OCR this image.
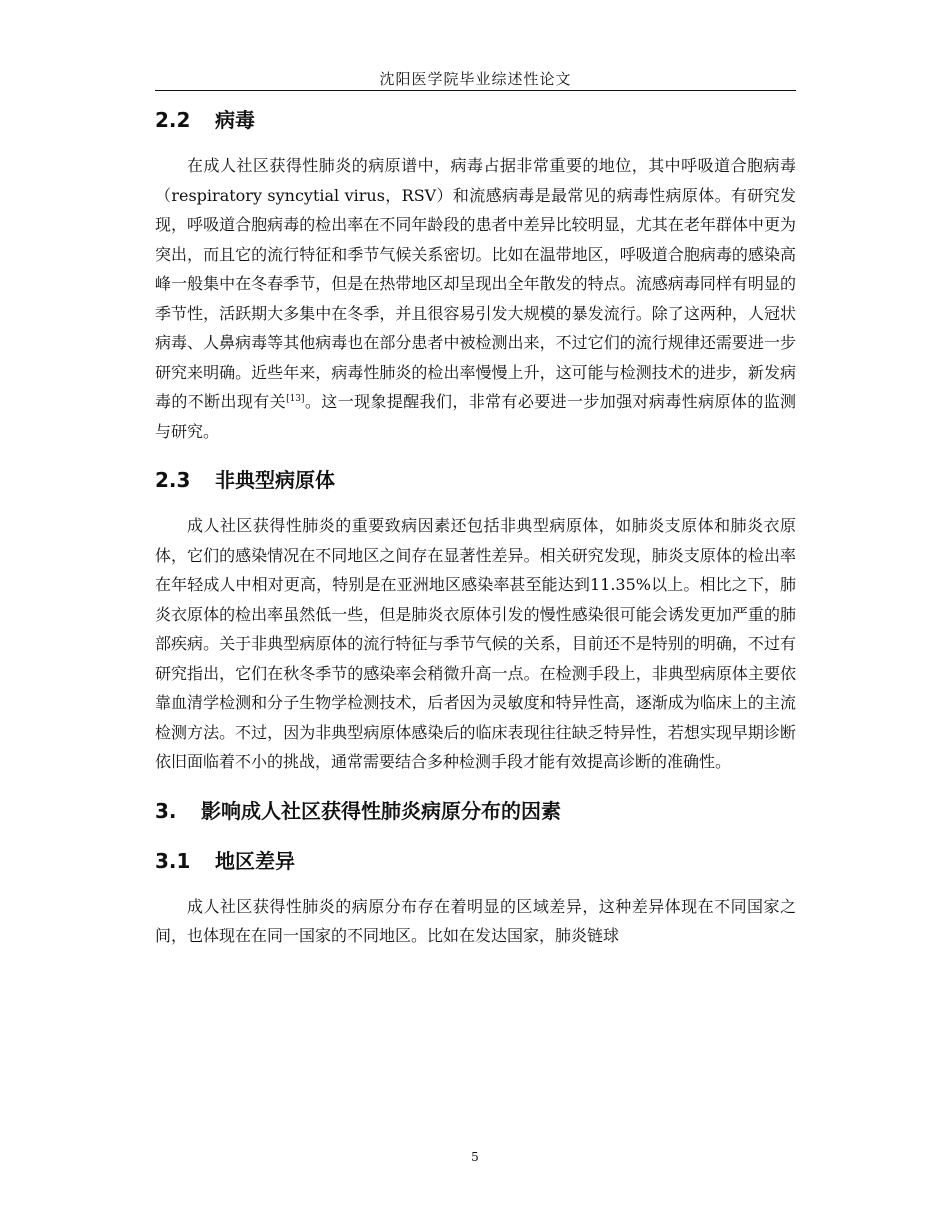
沈阳医学院毕业综述性论文
2.2 病毒

在成人社区获得性肺炎的病原谱中，病毒占据非常重要的地位，其中呼吸道合胞病毒（respiratory syncytial virus，RSV）和流感病毒是最常见的病毒性病原体。有研究发现，呼吸道合胞病毒的检出率在不同年龄段的患者中差异比较明显，尤其在老年群体中更为突出，而且它的流行特征和季节气候关系密切。比如在温带地区，呼吸道合胞病毒的感染高峰一般集中在冬春季节，但是在热带地区却呈现出全年散发的特点。流感病毒同样有明显的季节性，活跃期大多集中在冬季，并且很容易引发大规模的暴发流行。除了这两种，人冠状病毒、人鼻病毒等其他病毒也在部分患者中被检测出来，不过它们的流行规律还需要进一步研究来明确。近些年来，病毒性肺炎的检出率慢慢上升，这可能与检测技术的进步，新发病毒的不断出现有关[13]。这一现象提醒我们，非常有必要进一步加强对病毒性病原体的监测与研究。

2.3 非典型病原体

成人社区获得性肺炎的重要致病因素还包括非典型病原体，如肺炎支原体和肺炎衣原体，它们的感染情况在不同地区之间存在显著性差异。相关研究发现，肺炎支原体的检出率在年轻成人中相对更高，特别是在亚洲地区感染率甚至能达到11.35%以上。相比之下，肺炎衣原体的检出率虽然低一些，但是肺炎衣原体引发的慢性感染很可能会诱发更加严重的肺部疾病。关于非典型病原体的流行特征与季节气候的关系，目前还不是特别的明确，不过有研究指出，它们在秋冬季节的感染率会稍微升高一点。在检测手段上，非典型病原体主要依靠血清学检测和分子生物学检测技术，后者因为灵敏度和特异性高，逐渐成为临床上的主流检测方法。不过，因为非典型病原体感染后的临床表现往往缺乏特异性，若想实现早期诊断依旧面临着不小的挑战，通常需要结合多种检测手段才能有效提高诊断的准确性。

3. 影响成人社区获得性肺炎病原分布的因素
3.1 地区差异

成人社区获得性肺炎的病原分布存在着明显的区域差异，这种差异体现在不同国家之间，也体现在在同一国家的不同地区。比如在发达国家，肺炎链球

5
